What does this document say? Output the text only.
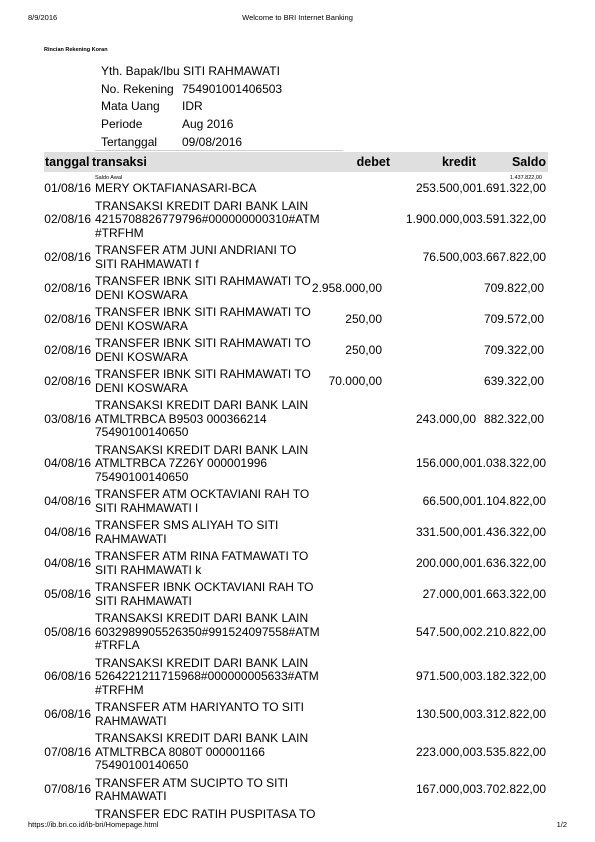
8/9/2016	Welcome to BRI Internet Banking
Rincian Rekening Koran
Yth. Bapak/Ibu SITI RAHMAWATI
No. Rekening 754901001406503
Mata Uang	IDR
Periode	Aug 2016
Tertanggal	09/08/2016
tanggal transaksi	debet	kredit	Saldo
Saldo Awal	1.437.822,00
01/08/16 MERY OKTAFIANASARI-BCA	253.500,00 1.691.322,00
02/08/16
TRANSAKSI KREDIT DARI BANK LAIN
4215708826779796#000000000310#ATM
#TRFHM
1.900.000,00 3.591.322,00
02/08/16 TRANSFER ATM JUNI ANDRIANI TO
SITI RAHMAWATI f	76.500,00 3.667.822,00
02/08/16 TRANSFER IBNK SITI RAHMAWATI TO
DENI KOSWARA	2.958.000,00	709.822,00
02/08/16 TRANSFER IBNK SITI RAHMAWATI TO
DENI KOSWARA	250,00	709.572,00
02/08/16 TRANSFER IBNK SITI RAHMAWATI TO
DENI KOSWARA	250,00	709.322,00
02/08/16 TRANSFER IBNK SITI RAHMAWATI TO
DENI KOSWARA	70.000,00	639.322,00
03/08/16
TRANSAKSI KREDIT DARI BANK LAIN
ATMLTRBCA B9503 000366214
75490100140650
243.000,00 882.322,00
04/08/16
TRANSAKSI KREDIT DARI BANK LAIN
ATMLTRBCA 7Z26Y 000001996
75490100140650
156.000,00 1.038.322,00
04/08/16 TRANSFER ATM OCKTAVIANI RAH TO
SITI RAHMAWATI l	66.500,00 1.104.822,00
04/08/16 TRANSFER SMS ALIYAH TO SITI
RAHMAWATI	331.500,00 1.436.322,00
04/08/16 TRANSFER ATM RINA FATMAWATI TO
SITI RAHMAWATI k	200.000,00 1.636.322,00
05/08/16 TRANSFER IBNK OCKTAVIANI RAH TO
SITI RAHMAWATI	27.000,00 1.663.322,00
05/08/16
TRANSAKSI KREDIT DARI BANK LAIN
6032989905526350#991524097558#ATM
#TRFLA
547.500,00 2.210.822,00
06/08/16
TRANSAKSI KREDIT DARI BANK LAIN
5264221211715968#000000005633#ATM
#TRFHM
971.500,00 3.182.322,00
06/08/16 TRANSFER ATM HARIYANTO TO SITI
RAHMAWATI	130.500,00 3.312.822,00
07/08/16
TRANSAKSI KREDIT DARI BANK LAIN
ATMLTRBCA 8080T 000001166
75490100140650
223.000,00 3.535.822,00
07/08/16 TRANSFER ATM SUCIPTO TO SITI
RAHMAWATI	167.000,00 3.702.822,00
TRANSFER EDC RATIH PUSPITASA TO
https://ib.bri.co.id/ib-bri/Homepage.html	1/2
